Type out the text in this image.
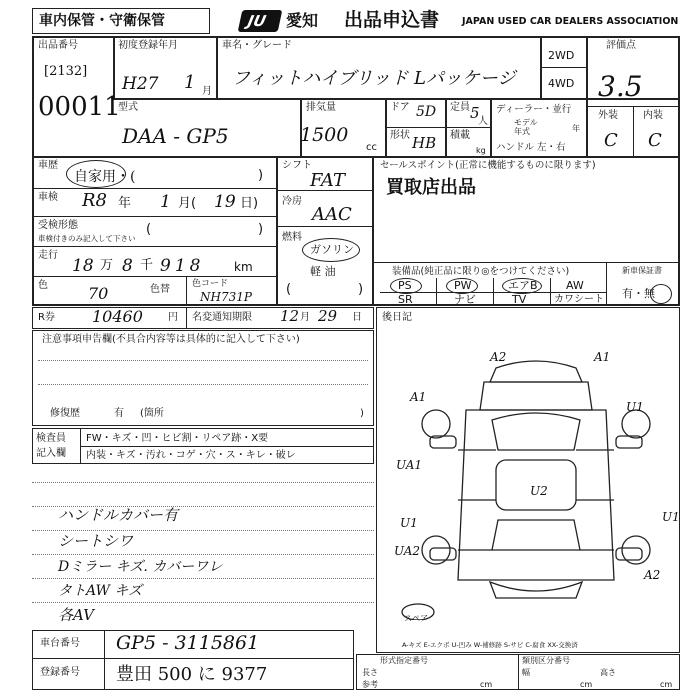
車内保管・守衛保管	JU 愛知 出品申込書 JAPAN USED CAR DEALERS ASSOCIATION
出品番号
[2132]
00011
初度登録年月
H27 1 月
車名・グレード
フィットハイブリッド Lパッケージ
2WD
4WD
評価点
3.5
外装	内装
C C
型式
DAA - GP5
排気量
1500
cc
ドア 5D 定員 5
人
形状 HB 積載
kg
ディーラー・並行
モデル
年式	年
ハンドル 左・右
車歴
自家用・(	)
車検 R8 年 1 月( 19 日)
受検形態
車検付きのみ記入して下さい
(	)
走行
18 万 8 千 918 km
色	70	色替 色コード
NH731P
シフト
FAT
冷房
AAC
燃料
ガソリン
軽 油
(	)
セールスポイント(正常に機能するものに限ります)
買取店出品
装備品(純正品に限り◎をつけてください)	新車保証書
有・無
PS	PW	エアB	AW
SR	ナビ	TV	カワシート
R券 10460	円 名変通知期限 12 月 29 日
注意事項申告欄(不具合内容等は具体的に記入して下さい)
修復歴	有 (箇所	)
検査員
記入欄
FW・キズ・凹・ヒビ割・リペア跡・X要
内装・キズ・汚れ・コゲ・穴・ス・キレ・破レ
ハンドルカバー有
シートシワ
Dミラー キズ. カバーワレ
タトAW キズ
各AV
車台番号 GP5 - 3115861
登録番号 豊田 500 に 9377
後日記
A2	A1
A1
U1
UA1
U2
U1	U1
UA2
A2
スペア
A-キズ E-エクボ U-凹み W-補修跡 S-サビ C-腐食 XX-交換済
形式指定番号	類別区分番号
長さ
参考	cm
幅	高さ
cm	cm
